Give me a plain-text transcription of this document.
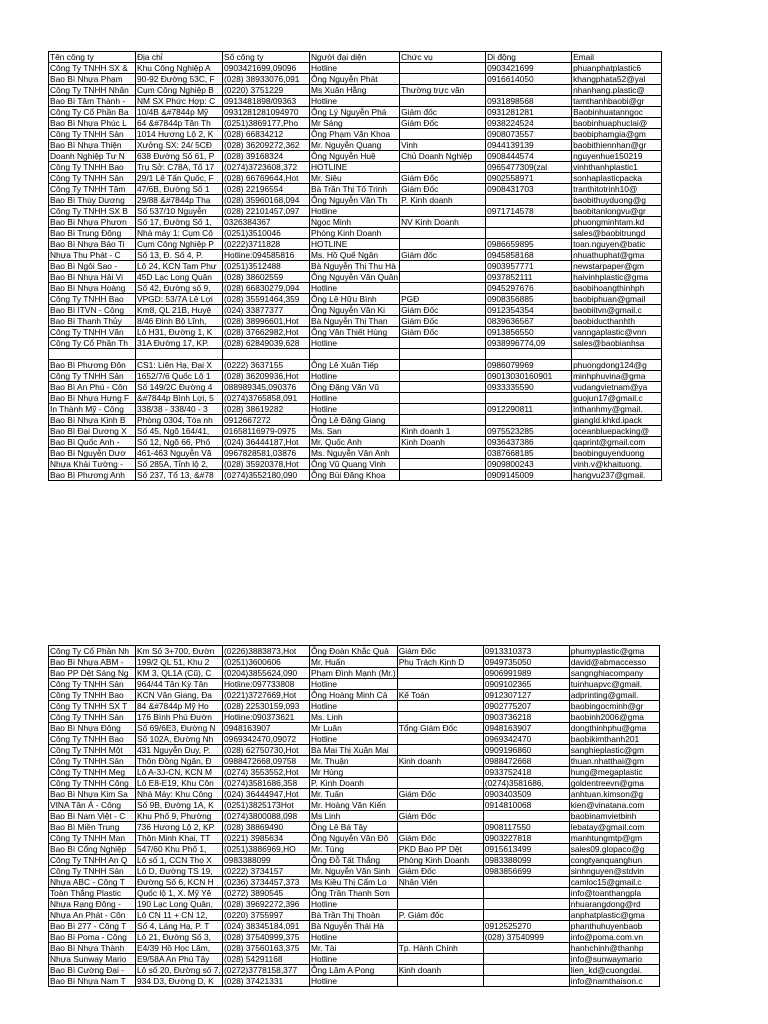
Tên công ty	Địa chỉ	Số công ty	Người đại diện	Chức vụ	Di động	Email
Công Ty TNHH SX &	Khu Công Nghiệp A	0903421699,09096	Hotline		0903421699	phuanphatplastic6
Bao Bì Nhựa Phạm	90-92 Đường 53C, F	(028) 38933076,091	Ông Nguyễn Phát		0916614050	khangphata52@yal
Công Ty TNHH Nhân	Cụm Công Nghiệp B	(0220) 3751229	Ms Xuân Hằng	Thường trực văn		nhanhang.plastic@
Bao Bì Tâm Thành -	NM SX Phức Hợp: C	0913481898/09363	Hotline		0931898568	tamthanhbaobi@gr
Công Ty Cổ Phần Ba	10/4B &#7844p Mỹ	0931281281094970	Ông Lý Nguyễn Phá	Giám đốc	0931281281	Baobinhuatanngoc
Bao Bì Nhựa Phúc L	64 &#7844p Tân Th	(0251)3869177,Pho	Mr Sáng	Giám Đốc	0938224524	baobinhuaphuclai@
Công Ty TNHH Sản	1014 Hương Lộ 2, K	(028) 66834212	Ông Phạm Văn Khoa		0908073557	baobiphamgia@gm
Bao Bì Nhựa Thiện	Xưởng SX: 24/ 5CĐ	(028) 36209272,362	Mr. Nguyễn Quang	Vinh	0944139139	baobithiennhan@gr
Doanh Nghiệp Tư N	638 Đường Số 61, P	(028) 39168324	Ông Nguyễn Huệ	Chủ Doanh Nghiệp	0908444574	nguyenhue150219
Công Ty TNHH Bao	Trụ Sở: C78A, Tổ 17	(0274)3723608,372	HOTLINE		0965477309(zal	vinhthanhplastic1
Công Ty TNHH Sản	29/1 Lê Tấn Quốc, F	(028) 66769644,Hot	Mr. Siêu	Giám Đốc	0902558971	sonhaplasticpacka
Công Ty TNHH Tâm	47/6B, Đường Số 1	(028) 22196554	Bà Trần Thị Tố Trinh	Giám Đốc	0908431703	tranthitotrinh10@
Bao Bì Thùy Dương	29/88 &#7844p Thạ	(028) 35960168,094	Ông Nguyễn Văn Th	P. Kinh doanh		baobithuyduong@g
Công Ty TNHH SX B	Số 537/10 Nguyễn	(028) 22101457,097	Hotline		0971714578	baobitanlongvu@gr
Bao Bì Nhựa Phươn	Số 17, Đường Số 1,	0326384367	Ngọc Minh	NV Kinh Doanh		phuongminhtam.kd
Bao Bì Trung Đông	Nhà máy 1: Cụm Cô	(0251)3510046	Phòng Kinh Doanh			sales@baobitrungd
Bao Bì Nhựa Bảo Ti	Cụm Công Nghiệp P	(0222)3711828	HOTLINE		0986659895	toan.nguyen@batic
Nhựa Thu Phát - C	Số 13, Đ. Số 4, P.	Hotline:094585816	Ms. Hồ Quế Ngân	Giám đốc	0945858168	nhuathuphat@gma
Bao Bì Ngôi Sao -	Lô 24, KCN Tam Phư	(0251)3512488	Bà Nguyễn Thị Thu Hà		0903957771	newstarpaper@gm
Bao Bì Nhựa Hải Vi	45D Lạc Long Quân	(028) 38602559	Ông Nguyễn Văn Quân		0937852111	haivinhplastic@gma
Bao Bì Nhựa Hoàng	Số 42, Đường số 9,	(028) 66830279,094	Hotline		0945297676	baobihoangthinhph
Công Ty TNHH Bao	VPGD: 53/7A Lê Lợi	(028) 35591464,359	Ông Lê Hữu Bình	PGĐ	0908356885	baobiphuan@gmail
Bao Bì ITVN - Công	Km8, QL 21B, Huyệ	(024) 33877377	Ông Nguyễn Văn Ki	Giám Đốc	0912354354	baobiitvn@gmail.c
Bao Bì Thanh Thủy	8/46 Đinh Bộ Lĩnh,	(028) 38996601,Hot	Bà Nguyễn Thị Than	Giám Đốc	0839636567	baobiducthanhth
Công Ty TNHH Văn	Lô H31, Đường 1, K	(028) 37662982,Hot	Ông Văn Thiết Hùng	Giám Đốc	0913856550	vanngaplastic@vnn
Công Ty Cổ Phần Th	31A Đường 17, KP.	(028) 62849039,628	Hotline		0938996774,09	sales@baobianhsa

Bao Bì Phương Đôn	CS1: Liên Hạ, Đại X	(0222) 3637155	Ông Lê Xuân Tiếp		0986079969	phuongdong124@g
Công Ty TNHH Sản	1652/7/6 Quốc Lộ 1	(028) 36209936,Hot	Hotline		09013030160901	minhphuvina@gma
Bao Bì An Phú - Côn	Số 149/2C Đường 4	088989345,090376	Ông Đặng Văn Vũ		0933335590	vudangvietnam@ya
Bao Bì Nhựa Hưng F	&#7844p Bình Lợi, 5	(0274)3765858,091	Hotline			guojun17@gmail.c
In Thành Mỹ - Công	338/38 - 338/40 - 3	(028) 38619282	Hotline		0912290811	inthanhmy@gmail.
Bao Bì Nhựa Kinh B	Phòng 0304, Tòa nh	0912667272	Ông Lê Đặng Giang			giangld.khkd.ipack
Bao Bì Đại Dương X	Số 45, Ngõ 164/41,	01658116979-0975	Ms. San	Kinh doanh 1	0975523285	oceanbluepacking@
Bao Bì Quốc Anh -	Số 12, Ngõ 66, Phố	(024) 36444187,Hot	Mr. Quốc Anh	Kinh Doanh	0936437386	qaprint@gmail.com
Bao Bì Nguyễn Dươ	461-463 Nguyễn Vă	0967828581,03876	Ms. Nguyễn Vân Anh		0387668185	baobinguyenduong
Nhựa Khải Tường -	Số 285A, Tỉnh lộ 2,	(028) 35920378,Hot	Ông Vũ Quang Vinh		0909800243	vinh.v@khaituong.
Bao Bì Phương Anh	Số 237, Tổ 13, &#78	(0274)3552180,090	Ông Bùi Đăng Khoa		0909145009	hangvu237@gmail.
Công Ty Cổ Phần Nh	Km Số 3+700, Đườn	(0226)3883873,Hot	Ông Đoàn Khắc Quả	Giám Đốc	0913310373	phumyplastic@gma
Bao Bì Nhựa ABM -	199/2 QL 51, Khu 2	(0251)3600606	Mr. Huấn	Phụ Trách Kinh D	0949735050	david@abmaccesso
Bao PP Dệt Sáng Ng	KM 3, QL1A (Cũ), C	(0204)3855624,090	Phạm Đình Mạnh (Mr.)		0906991989	sangnghiacompany
Công Ty TNHH Sản	964/44 Tân Kỳ Tân	Hotline:097733808	Hotline		0909102365	tuinhuapvc@gmail.
Công Ty TNHH Bao	KCN Vân Giang, Đa	(0221)3727669,Hot	Ông Hoàng Minh Cả	Kế Toán	0912307127	adprinting@gmail.
Công Ty TNHH SX T	84 &#7844p Mỹ Ho	(028) 22530159,093	Hotline		0902775207	baobingocminh@gr
Công Ty TNHH Sản	176 Bình Phú Đườn	Hotline:090373621	Ms. Linh		0903736218	baobinh2006@gma
Bao Bì Nhựa Đông	Số 69/6E3, Đường N	0948163907	Mr Luân	Tổng Giám Đốc	0948163907	dongthinhphu@gma
Công Ty TNHH Bao	Số 102A, Đường Nh	0969342470,09072	Hotline		0969342470	baobikimthanh201
Công Ty TNHH Một	431 Nguyễn Duy, P.	(028) 62750730,Hot	Bà Mai Thị Xuân Mai		0909196860	sanghieplastic@gm
Công Ty TNHH Sản	Thôn Đồng Ngân, Đ	0988472668,09758	Mr. Thuận	Kinh doanh	0988472668	thuan.nhatthai@gm
Công Ty TNHH Meg	Lô A-3J-CN, KCN M	(0274) 3553552,Hot	Mr Hùng		0933752418	hung@megaplastic
Công Ty TNHH Công	Lô E8-E19, Khu Côn	(0274)3581686,358	P. Kinh Doanh		(0274)3581686,	goldentreevn@gma
Bao Bì Nhựa Kim Sa	Nhà Máy: Khu Công	(024) 36444947,Hot	Mr. Tuấn	Giám Đốc	0903403509	anhtuan.kimson@g
VINA Tân Á - Công	Số 9B, Đường 1A, K	(0251)3825173Hot	Mr. Hoàng Văn Kiến		0914810068	kien@vinatana.com
Bao Bì Nam Việt - C	Khu Phố 9, Phường	(0274)3800088,098	Ms Linh	Giám Đốc		baobinamvietbinh
Bao Bì Miền Trung	736 Hương Lộ 2, KP	(028) 38869490	Ông Lê Bá Tây		0908117550	lebatay@gmail.com
Công Ty TNHH Man	Thôn Minh Khai, TT	(0221) 3985634	Ông Nguyễn Văn Đô	Giám Đốc	0903227818	manhtungmtp@gm
Bao Bì Cổng Nghiệp	547/60 Khu Phố 1,	(0251)3886969,HO	Mr. Tùng	PKD Bao PP Dệt	0915613499	sales09.glopaco@g
Công Ty TNHH An Q	Lô số 1, CCN Thọ X	0983388099	Ông Đỗ Tất Thắng	Phòng Kinh Doanh	0983388099	congtyanquanghun
Công Ty TNHH Sản	Lô D, Đường TS 19,	(0222) 3734157	Mr. Nguyễn Văn Sinh	Giám Đốc	0983856699	sinhnguyen@stdvin
Nhựa ABC - Công T	Đường Số 6, KCN H	(0236) 3734457,373	Ms Kiều Thị Cẩm Lo	Nhân Viên		camloc15@gmail.c
Toàn Thắng Plastic	Quốc lộ 1, X. Mỹ Yê	(0272) 3890545	Ông Trần Thanh Sơn			info@toanthangpla
Nhựa Rạng Đông -	190 Lạc Long Quân,	(028) 39692272,396	Hotline			nhuarangdong@rd
Nhựa An Phát - Côn	Lô CN 11 + CN 12,	(0220) 3755997	Bà Trần Thị Thoản	P. Giám đốc		anphatplastic@gma
Bao Bì 277 - Công T	Số 4, Láng Hạ, P. T	(024) 38345184,091	Bà Nguyễn Thái Hà		0912525270	phanthuhuyenbaob
Bao Bì Poma - Công	Lô 21, Đường Số 3,	(028) 37540999,375	Hotline		(028) 37540999	info@poma.com.vn
Bao Bì Nhựa Thành	E4/39 Hồ Học Lãm,	(028) 37560163,375	Mr. Tài	Tp. Hành Chính		hanhchinh@thanhp
Nhựa Sunway Mario	E9/58A An Phú Tây	(028) 54291168	Hotline			info@sunwaymario
Bao Bì Cường Đại -	Lô số 20, Đường số 7,	(0272)3778158,377	Ông Lâm A Pong	Kinh doanh		lien_kd@cuongdai.
Bao Bì Nhựa Nam T	934 D3, Đường D, K	(028) 37421331	Hotline			info@namthaison.c
